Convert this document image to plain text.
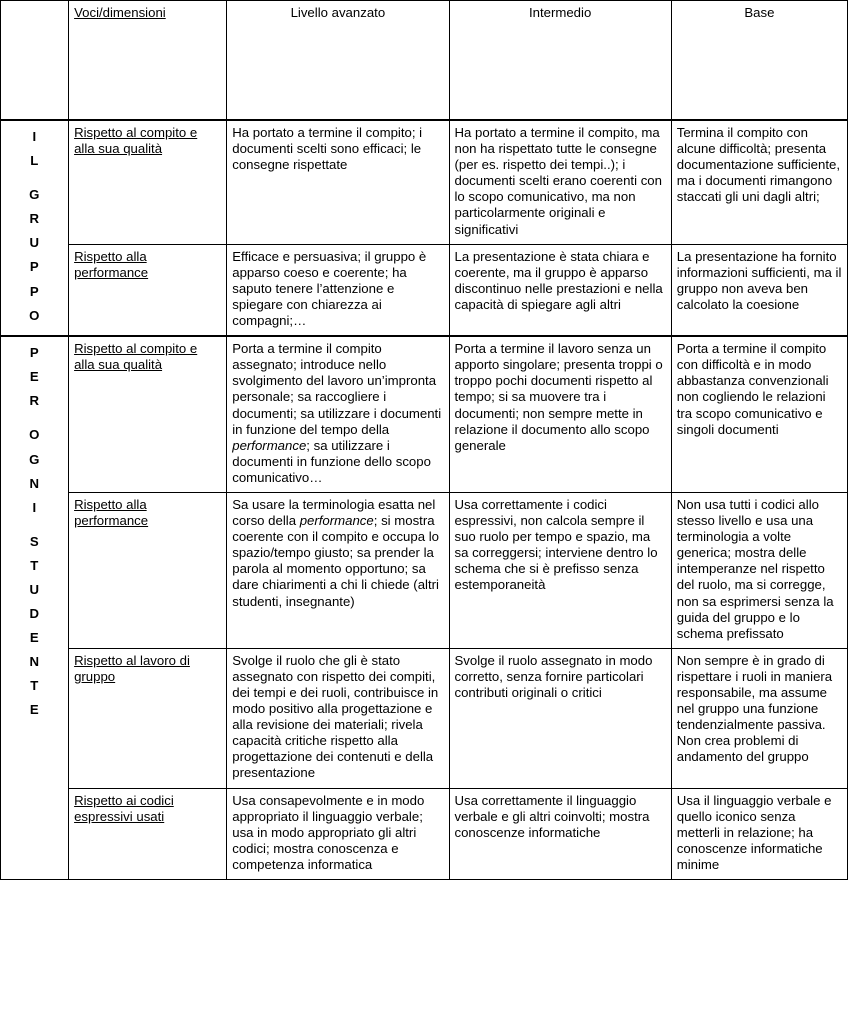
	Voci/dimensioni	Livello avanzato	Intermedio	Base

I
L
G
R
U
P
P
O
	Rispetto al compito e alla sua qualità	Ha portato a termine il compito; i documenti scelti sono efficaci; le consegne rispettate	Ha portato a termine il compito, ma non ha rispettato tutte le consegne (per es. rispetto dei tempi..); i documenti scelti erano coerenti con lo scopo comunicativo, ma non particolarmente originali e significativi	Termina il compito con alcune difficoltà; presenta documentazione sufficiente, ma i documenti rimangono staccati gli uni dagli altri;
	Rispetto alla performance	Efficace e persuasiva; il gruppo è apparso coeso e coerente; ha saputo tenere l’attenzione e spiegare con chiarezza ai compagni;…	La presentazione è stata chiara e coerente, ma il gruppo è apparso discontinuo nelle prestazioni e nella capacità di spiegare agli altri	La presentazione ha fornito informazioni sufficienti, ma il gruppo non aveva ben calcolato la coesione

P
E
R
O
G
N
I
S
T
U
D
E
N
T
E
	Rispetto al compito e alla sua qualità	Porta a termine il compito assegnato; introduce nello svolgimento del lavoro un’impronta personale; sa raccogliere i documenti; sa utilizzare i documenti in funzione del tempo della performance; sa utilizzare i documenti in funzione dello scopo comunicativo…	Porta a termine il lavoro senza un apporto singolare; presenta troppi o troppo pochi documenti rispetto al tempo; si sa muovere tra i documenti; non sempre mette in relazione il documento allo scopo generale	Porta a termine il compito con difficoltà e in modo abbastanza convenzionali non cogliendo le relazioni tra scopo comunicativo e singoli documenti
Rispetto alla performance	Sa usare la terminologia esatta nel corso della performance; si mostra coerente con il compito e occupa lo spazio/tempo giusto; sa prender la parola al momento opportuno; sa dare chiarimenti a chi li chiede (altri studenti, insegnante)	Usa correttamente i codici espressivi, non calcola sempre il suo ruolo per tempo e spazio, ma sa correggersi; interviene dentro lo schema che si è prefisso senza estemporaneità	Non usa tutti i codici allo stesso livello e usa una terminologia a volte generica; mostra delle intemperanze nel rispetto del ruolo, ma si corregge, non sa esprimersi senza la guida del gruppo e lo schema prefissato
	Rispetto al lavoro di gruppo	Svolge il ruolo che gli è stato assegnato con rispetto dei compiti, dei tempi e dei ruoli, contribuisce in modo positivo alla progettazione e alla revisione dei materiali; rivela capacità critiche rispetto alla progettazione dei contenuti e della presentazione	Svolge il ruolo assegnato in modo corretto, senza fornire particolari contributi originali o critici	Non sempre è in grado di rispettare i ruoli in maniera responsabile, ma assume nel gruppo una funzione tendenzialmente passiva. Non crea problemi di andamento del gruppo
	Rispetto ai codici espressivi usati	Usa consapevolmente e in modo appropriato il linguaggio verbale; usa in modo appropriato gli altri codici; mostra conoscenza e competenza informatica	Usa correttamente il linguaggio verbale e gli altri coinvolti; mostra conoscenze informatiche	Usa il linguaggio verbale e quello iconico senza metterli in relazione; ha conoscenze informatiche minime
